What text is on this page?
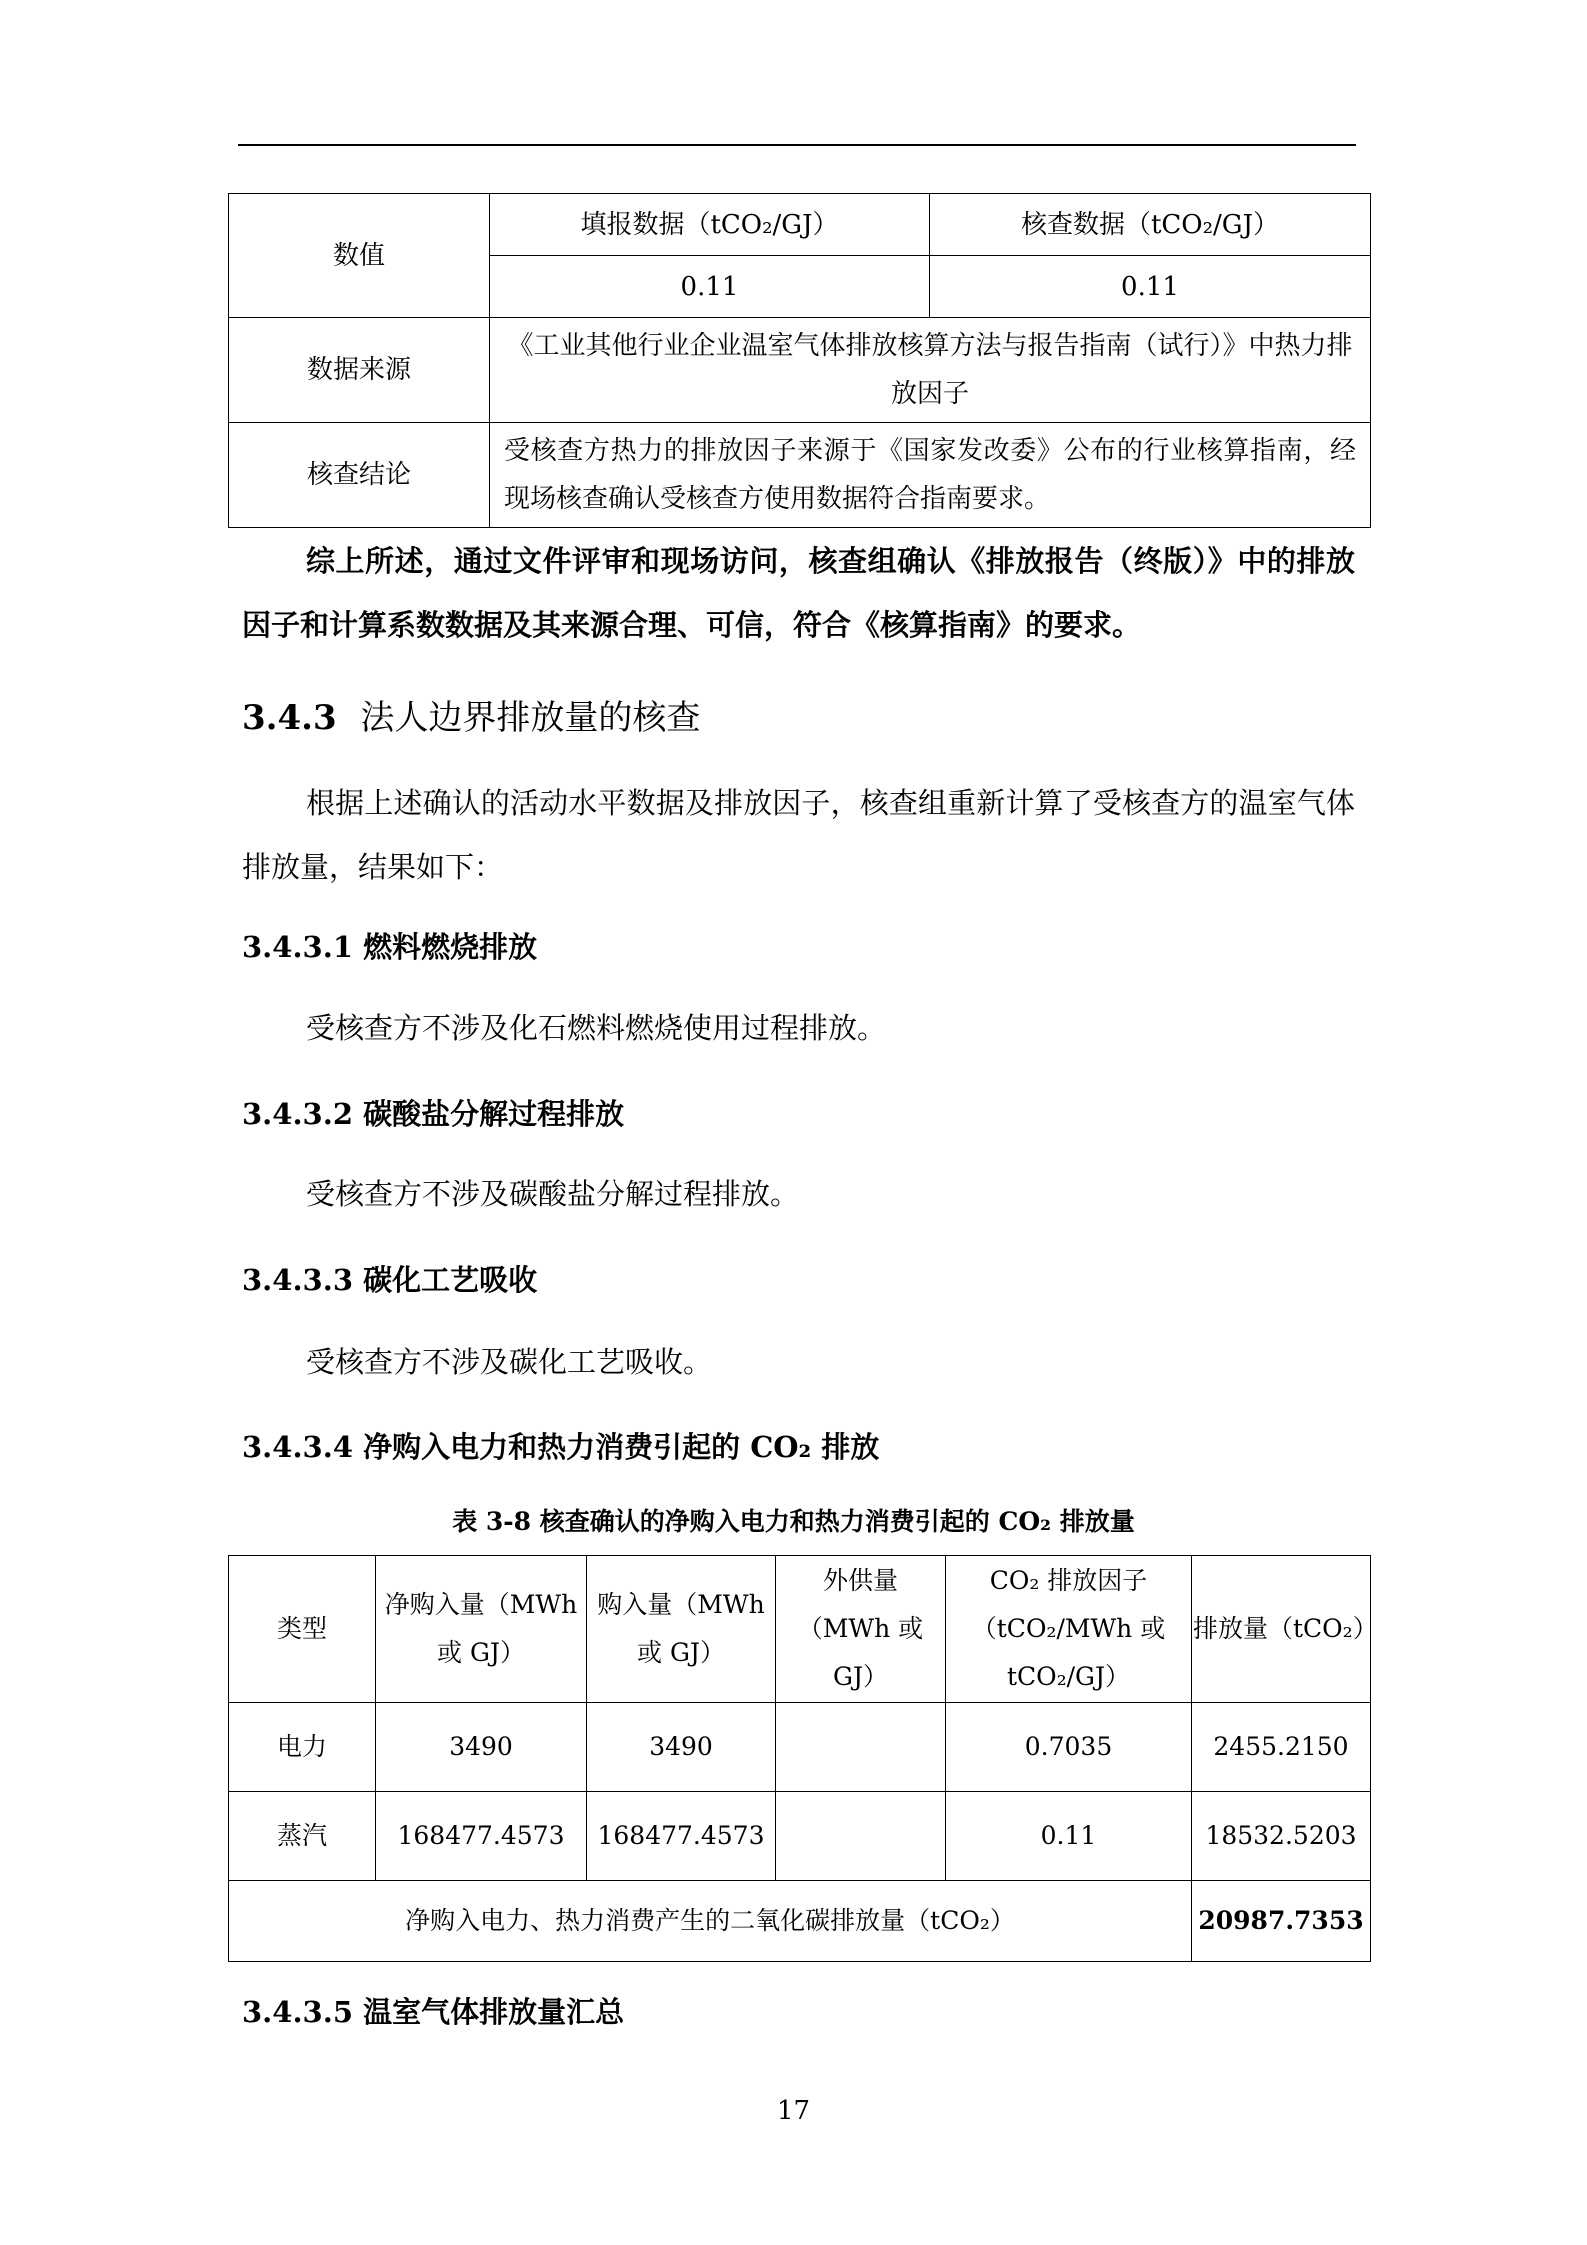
数值	填报数据（tCO₂/GJ）	核查数据（tCO₂/GJ）
	0.11	0.11
数据来源	《工业其他行业企业温室气体排放核算方法与报告指南（试行）》中热力排放因子	
核查结论	受核查方热力的排放因子来源于《国家发改委》公布的行业核算指南，经现场核查确认受核查方使用数据符合指南要求。	

综上所述，通过文件评审和现场访问，核查组确认《排放报告（终版）》中的排放因子和计算系数数据及其来源合理、可信，符合《核算指南》的要求。

3.4.3 法人边界排放量的核查

根据上述确认的活动水平数据及排放因子，核查组重新计算了受核查方的温室气体排放量，结果如下：

3.4.3.1 燃料燃烧排放

受核查方不涉及化石燃料燃烧使用过程排放。

3.4.3.2 碳酸盐分解过程排放

受核查方不涉及碳酸盐分解过程排放。

3.4.3.3 碳化工艺吸收

受核查方不涉及碳化工艺吸收。

3.4.3.4 净购入电力和热力消费引起的 CO₂ 排放

表 3-8 核查确认的净购入电力和热力消费引起的 CO₂ 排放量

类型	净购入量（MWh 或 GJ）	购入量（MWh 或 GJ）	外供量（MWh 或 GJ）	CO₂ 排放因子（tCO₂/MWh 或 tCO₂/GJ）	排放量（tCO₂）
电力	3490	3490		0.7035	2455.2150
蒸汽	168477.4573	168477.4573		0.11	18532.5203
净购入电力、热力消费产生的二氧化碳排放量（tCO₂）					20987.7353
3.4.3.5 温室气体排放量汇总
17
